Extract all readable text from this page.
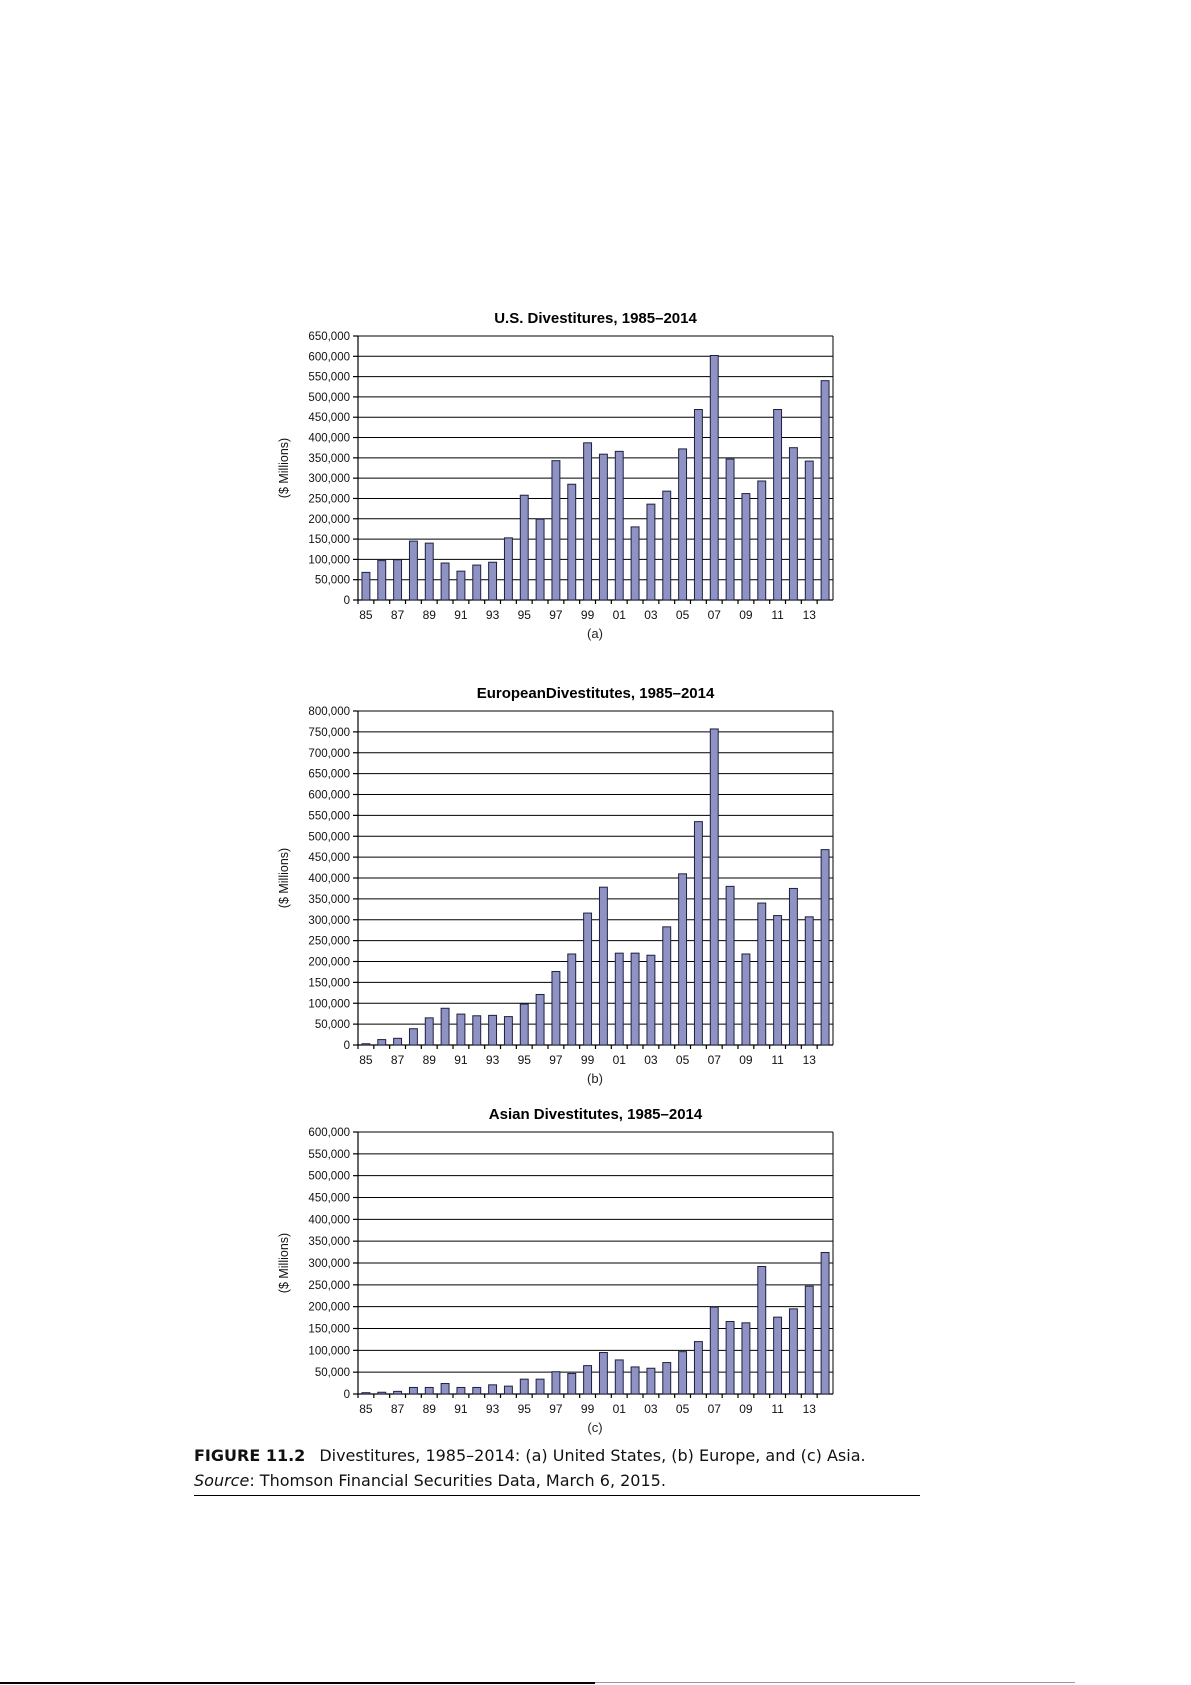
U.S. Divestitures, 1985–2014
0
50,000
100,000
150,000
200,000
250,000
300,000
350,000
400,000
450,000
500,000
550,000
600,000
650,000
85 87 89 91 93 95 97 99 01 03 05 07 09 11 13
(a)
($ Millions)
EuropeanDivestitutes, 1985–2014
0
50,000
100,000
150,000
200,000
250,000
300,000
350,000
400,000
450,000
500,000
550,000
600,000
650,000
700,000
750,000
800,000
85 87 89 91 93 95 97 99 01 03 05 07 09 11 13
(b)
($ Millions)
Asian Divestitutes, 1985–2014
0
50,000
100,000
150,000
200,000
250,000
300,000
350,000
400,000
450,000
500,000
550,000
600,000
85 87 89 91 93 95 97 99 01 03 05 07 09 11 13
(c)
($ Millions)
FIGURE 11.2 Divestitures, 1985–2014: (a) United States, (b) Europe, and (c) Asia.
Source: Thomson Financial Securities Data, March 6, 2015.
